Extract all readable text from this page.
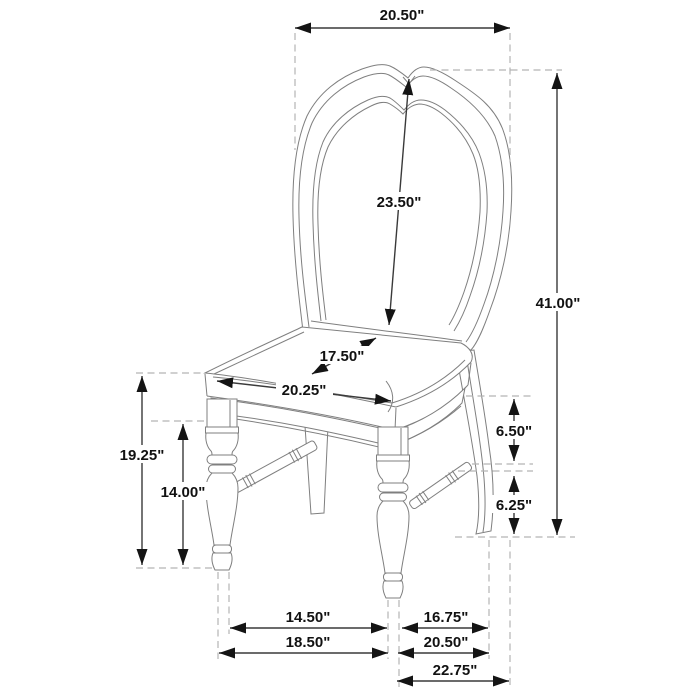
20.50"
41.00"
23.50"
17.50"
20.25"
19.25"
14.00"
6.50"
6.25"
14.50"	16.75"
18.50"	20.50"
22.75"
